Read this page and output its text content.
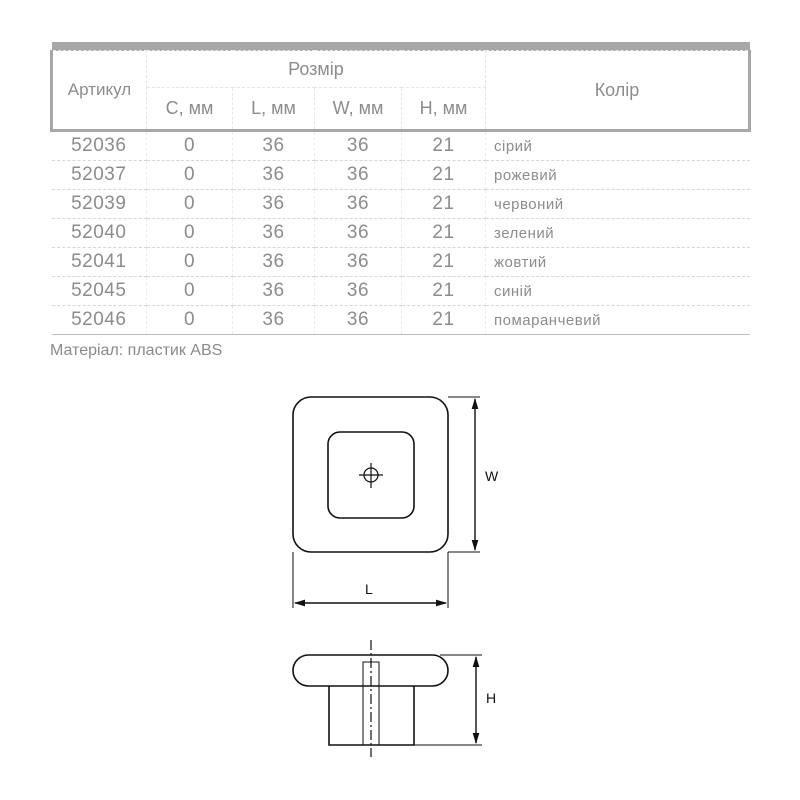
Артикул	Розмір				Колір
	C, мм	L, мм	W, мм	H, мм	
52036	0	36	36	21	сірий
52037	0	36	36	21	рожевий
52039	0	36	36	21	червоний
52040	0	36	36	21	зелений
52041	0	36	36	21	жовтий
52045	0	36	36	21	синій
52046	0	36	36	21	помаранчевий
Матеріал: пластик ABS
W
L
H
